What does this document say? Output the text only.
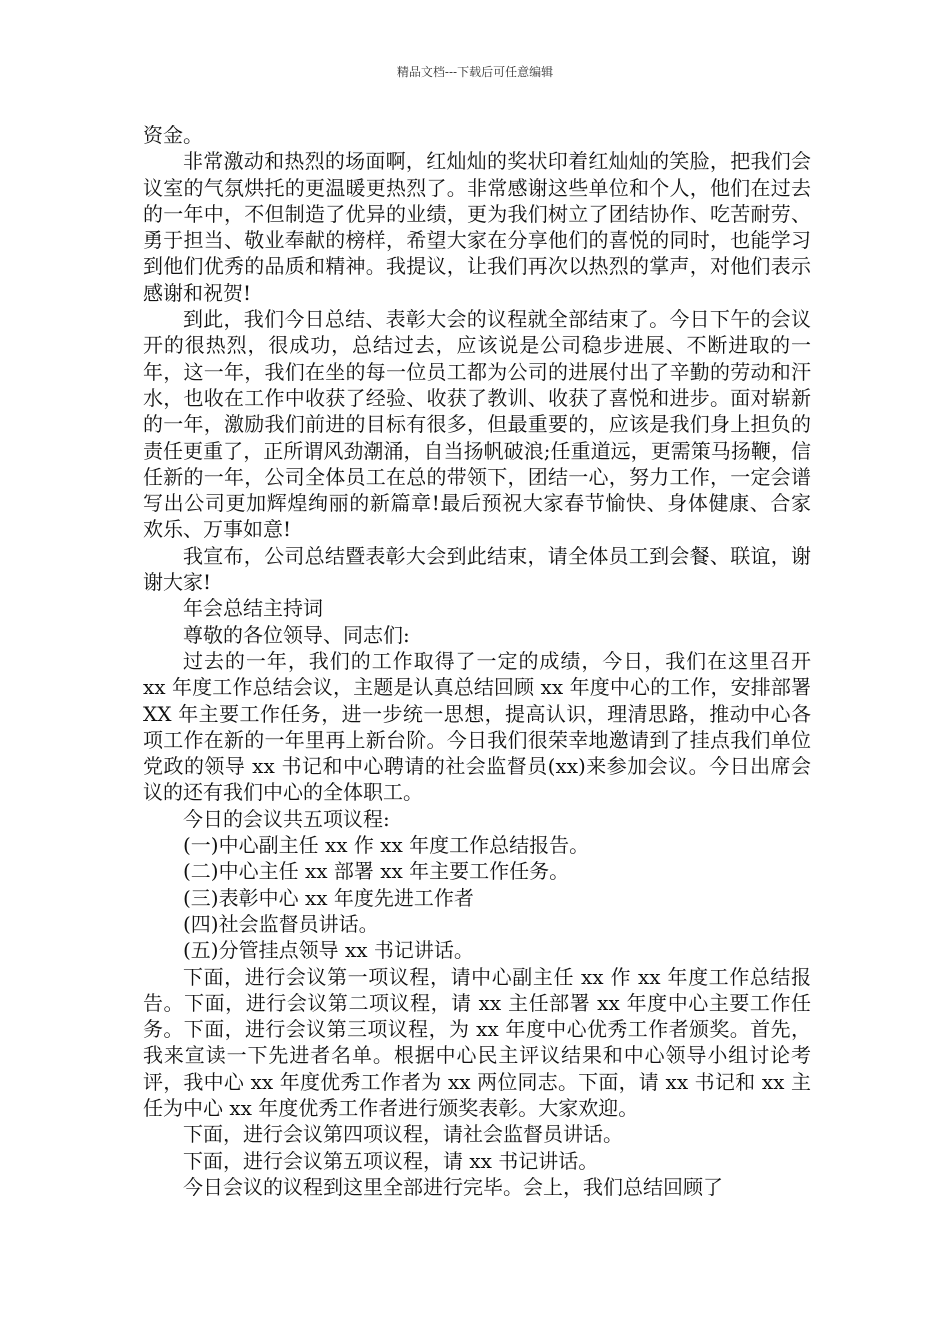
精品文档---下载后可任意编辑

资金。

非常激动和热烈的场面啊，红灿灿的奖状印着红灿灿的笑脸，把我们会议室的气氛烘托的更温暖更热烈了。非常感谢这些单位和个人，他们在过去的一年中，不但制造了优异的业绩，更为我们树立了团结协作、吃苦耐劳、勇于担当、敬业奉献的榜样，希望大家在分享他们的喜悦的同时，也能学习到他们优秀的品质和精神。我提议，让我们再次以热烈的掌声，对他们表示感谢和祝贺!

到此，我们今日总结、表彰大会的议程就全部结束了。今日下午的会议开的很热烈，很成功，总结过去，应该说是公司稳步进展、不断进取的一年，这一年，我们在坐的每一位员工都为公司的进展付出了辛勤的劳动和汗水，也收在工作中收获了经验、收获了教训、收获了喜悦和进步。面对崭新的一年，激励我们前进的目标有很多，但最重要的，应该是我们身上担负的责任更重了，正所谓风劲潮涌，自当扬帆破浪;任重道远，更需策马扬鞭，信任新的一年，公司全体员工在总的带领下，团结一心，努力工作，一定会谱写出公司更加辉煌绚丽的新篇章!最后预祝大家春节愉快、身体健康、合家欢乐、万事如意!

我宣布，公司总结暨表彰大会到此结束，请全体员工到会餐、联谊，谢谢大家!

年会总结主持词

尊敬的各位领导、同志们:

过去的一年，我们的工作取得了一定的成绩，今日，我们在这里召开 xx 年度工作总结会议，主题是认真总结回顾 xx 年度中心的工作，安排部署 XX 年主要工作任务，进一步统一思想，提高认识，理清思路，推动中心各项工作在新的一年里再上新台阶。今日我们很荣幸地邀请到了挂点我们单位党政的领导 xx 书记和中心聘请的社会监督员(xx)来参加会议。今日出席会议的还有我们中心的全体职工。

今日的会议共五项议程:

(一)中心副主任 xx 作 xx 年度工作总结报告。

(二)中心主任 xx 部署 xx 年主要工作任务。

(三)表彰中心 xx 年度先进工作者

(四)社会监督员讲话。

(五)分管挂点领导 xx 书记讲话。

下面，进行会议第一项议程，请中心副主任 xx 作 xx 年度工作总结报告。下面，进行会议第二项议程，请 xx 主任部署 xx 年度中心主要工作任务。下面，进行会议第三项议程，为 xx 年度中心优秀工作者颁奖。首先，我来宣读一下先进者名单。根据中心民主评议结果和中心领导小组讨论考评，我中心 xx 年度优秀工作者为 xx 两位同志。下面，请 xx 书记和 xx 主任为中心 xx 年度优秀工作者进行颁奖表彰。大家欢迎。

下面，进行会议第四项议程，请社会监督员讲话。

下面，进行会议第五项议程，请 xx 书记讲话。

今日会议的议程到这里全部进行完毕。会上，我们总结回顾了
